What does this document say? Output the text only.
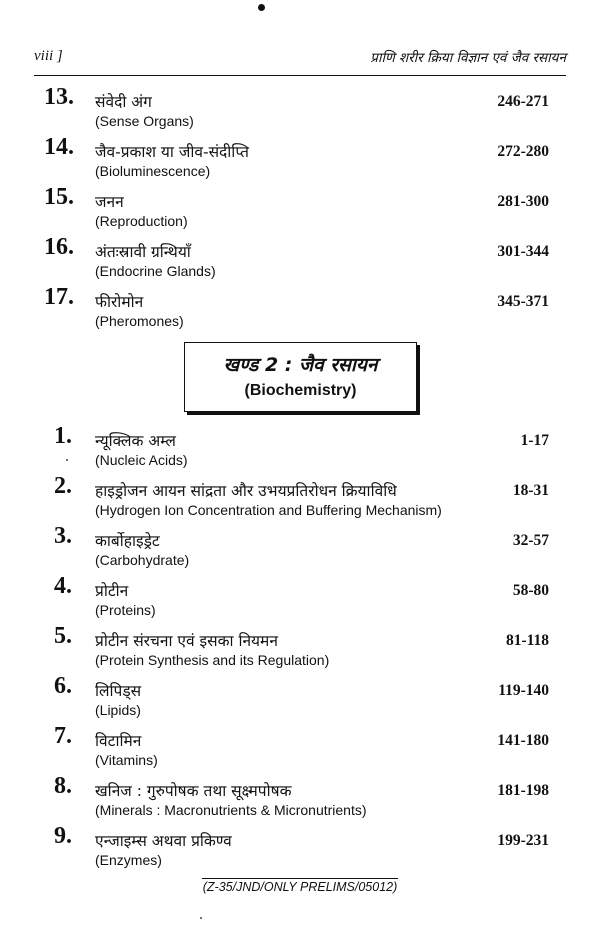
viii ]	प्राणि शरीर क्रिया विज्ञान एवं जैव रसायन
13. संवेदी अंग
(Sense Organs)
246-271
14. जैव-प्रकाश या जीव-संदीप्ति
(Bioluminescence)
272-280
15. जनन
(Reproduction)
281-300
16. अंतःस्रावी ग्रन्थियाँ
(Endocrine Glands)
301-344
17. फीरोमोन
(Pheromones)
345-371
खण्ड 2 : जैव रसायन
(Biochemistry)
1. न्यूक्लिक अम्ल
(Nucleic Acids)
1-17
2. हाइड्रोजन आयन सांद्रता और उभयप्रतिरोधन क्रियाविधि
(Hydrogen Ion Concentration and Buffering Mechanism)
18-31
3. कार्बोहाइड्रेट
(Carbohydrate)
32-57
4. प्रोटीन
(Proteins)
58-80
5. प्रोटीन संरचना एवं इसका नियमन
(Protein Synthesis and its Regulation)
81-118
6. लिपिड्स
(Lipids)
119-140
7. विटामिन
(Vitamins)
141-180
8. खनिज : गुरुपोषक तथा सूक्ष्मपोषक
(Minerals : Macronutrients & Micronutrients)
181-198
9. एन्जाइम्स अथवा प्रकिण्व
(Enzymes)
199-231
(Z-35/JND/ONLY PRELIMS/05012)
